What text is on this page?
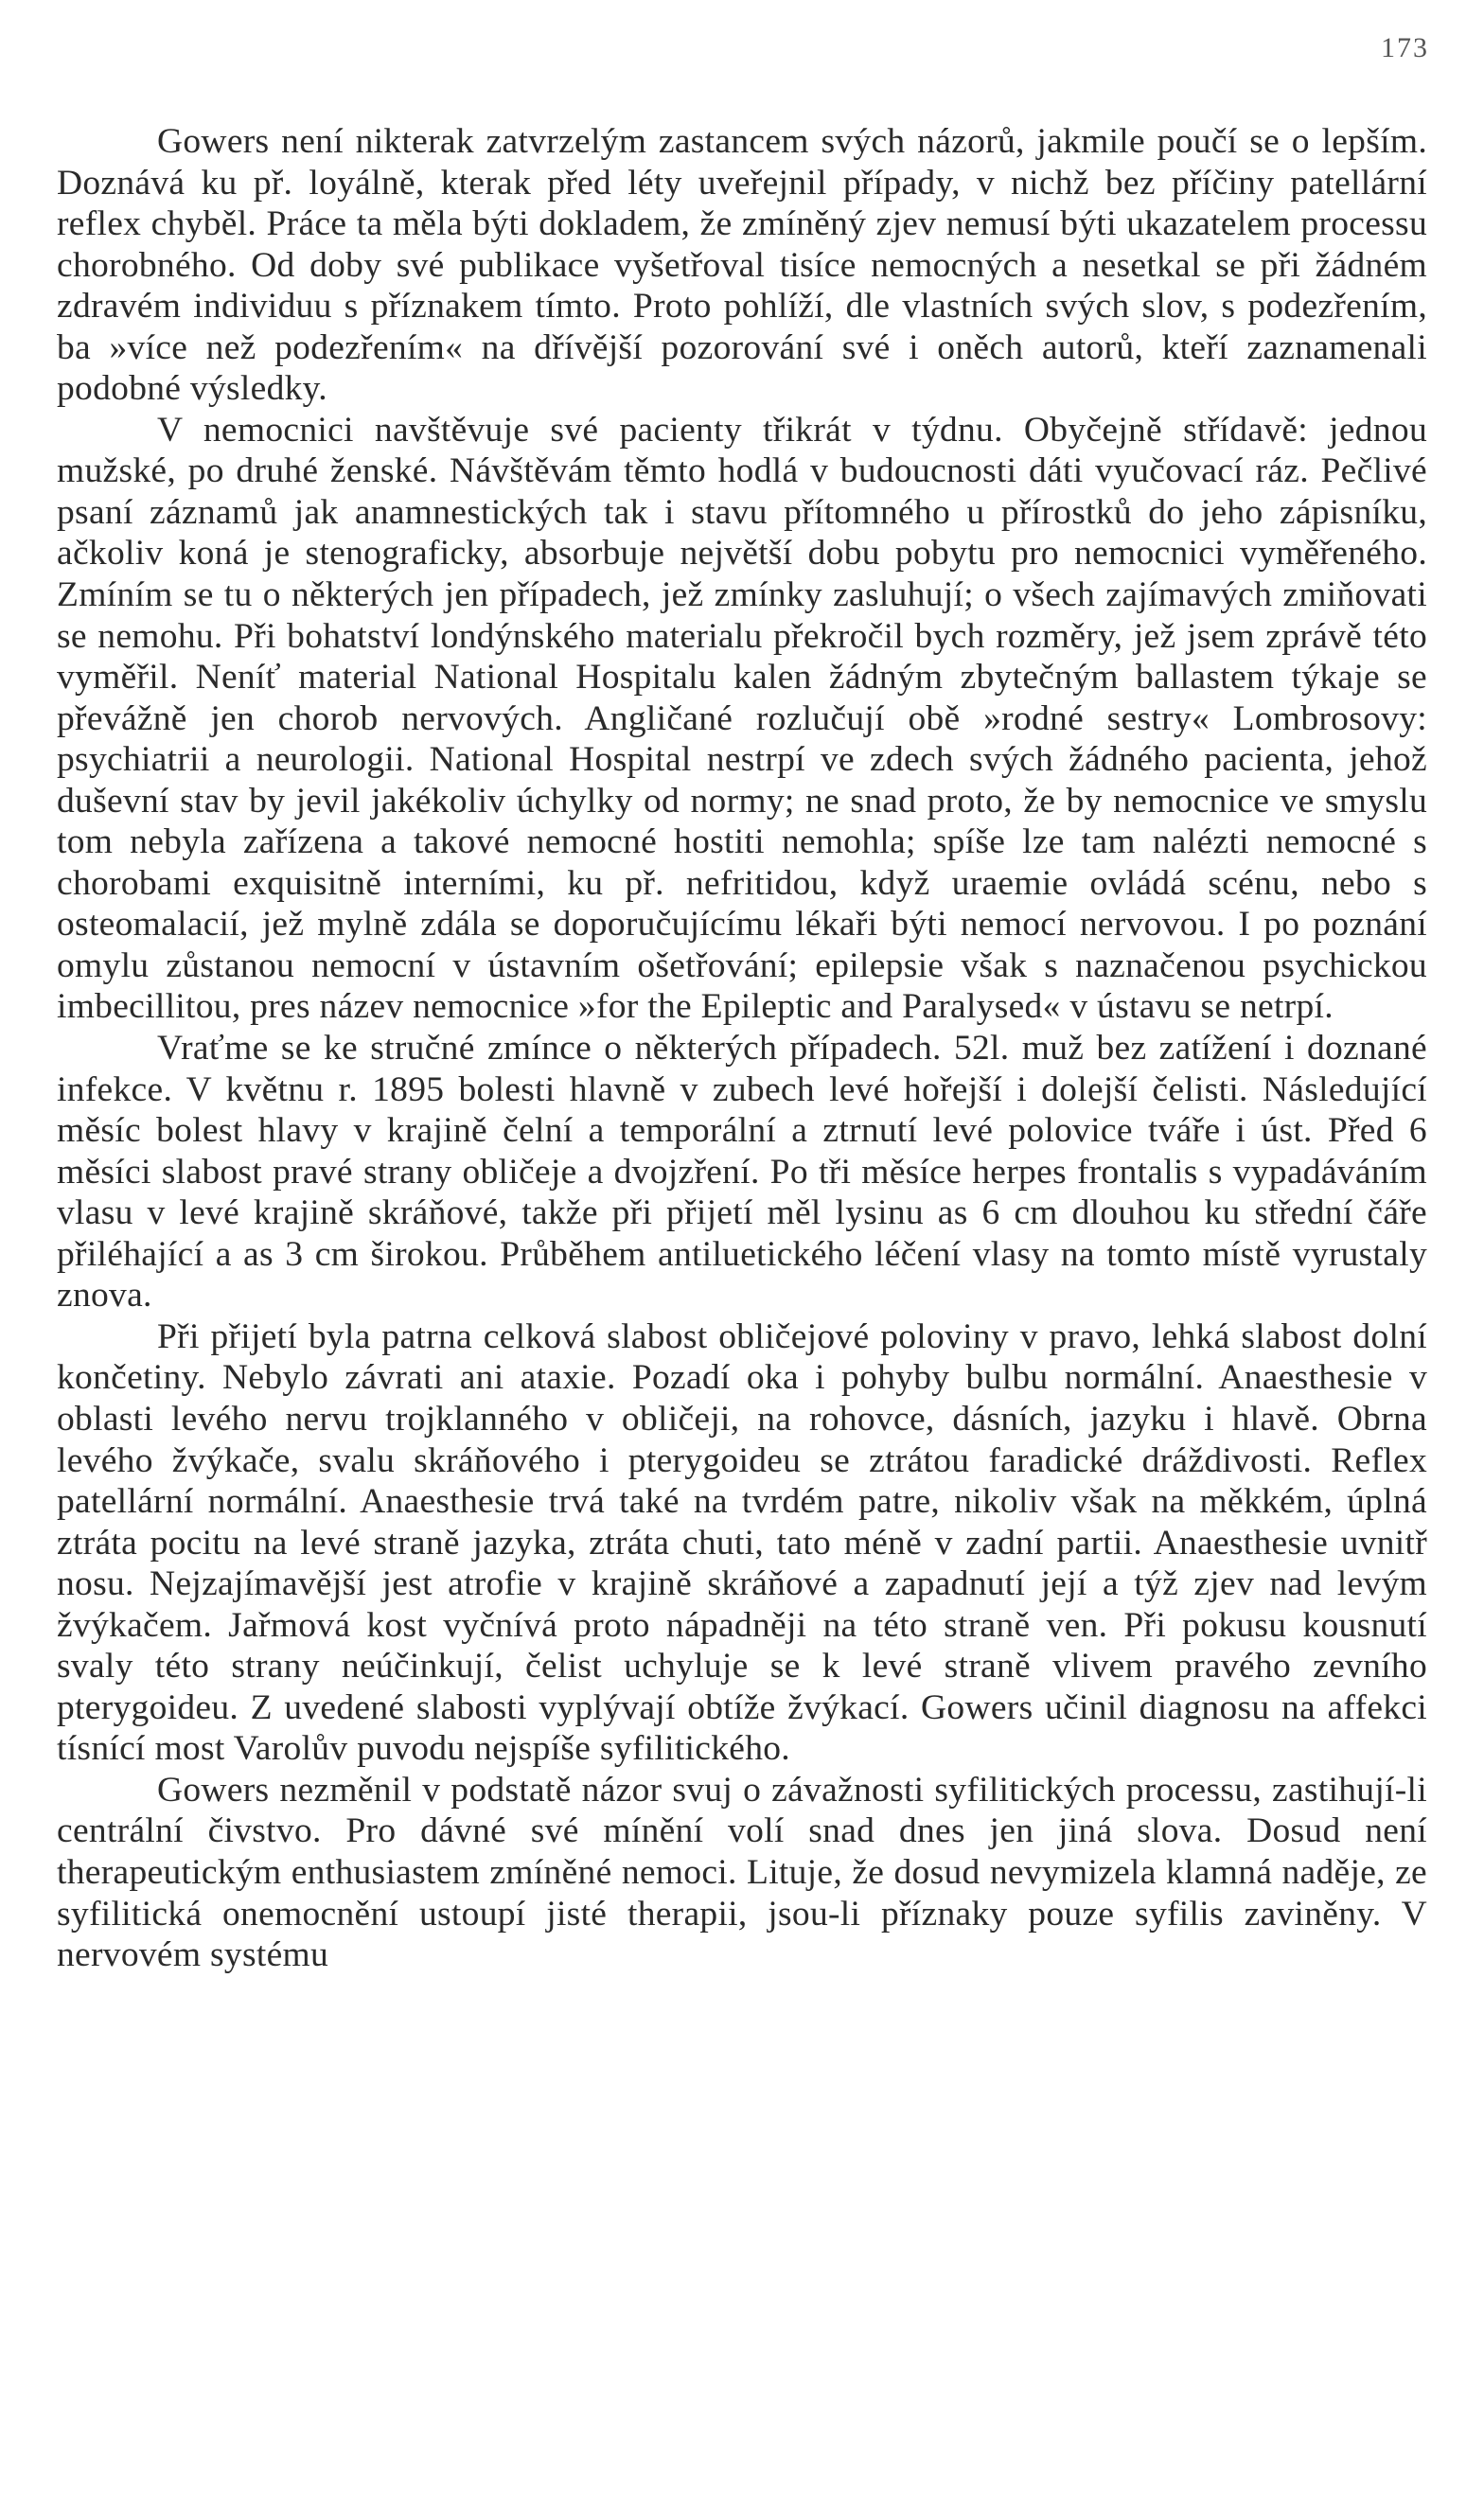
173

Gowers není nikterak zatvrzelým zastancem svých názorů, jakmile poučí se o lepším. Doznává ku př. loyálně, kterak před léty uveřejnil případy, v nichž bez příčiny patellární reflex chyběl. Práce ta měla býti dokladem, že zmíněný zjev nemusí býti ukazatelem processu chorobného. Od doby své publikace vyšetřoval tisíce nemocných a nesetkal se při žádném zdravém individuu s příznakem tímto. Proto pohlíží, dle vlastních svých slov, s podezřením, ba »více než podezřením« na dřívější pozorování své i oněch autorů, kteří zaznamenali podobné výsledky.

V nemocnici navštěvuje své pacienty třikrát v týdnu. Obyčejně střídavě: jednou mužské, po druhé ženské. Návštěvám těmto hodlá v budoucnosti dáti vyučovací ráz. Pečlivé psaní záznamů jak anamnestických tak i stavu přítomného u přírostků do jeho zápisníku, ačkoliv koná je stenograficky, absorbuje největší dobu pobytu pro nemocnici vyměřeného. Zmíním se tu o některých jen případech, jež zmínky zasluhují; o všech zajímavých zmiňovati se nemohu. Při bohatství londýnského materialu překročil bych rozměry, jež jsem zprávě této vyměřil. Neníť material National Hospitalu kalen žádným zbytečným ballastem týkaje se převážně jen chorob nervových. Angličané rozlučují obě »rodné sestry« Lombrosovy: psychiatrii a neurologii. National Hospital nestrpí ve zdech svých žádného pacienta, jehož duševní stav by jevil jakékoliv úchylky od normy; ne snad proto, že by nemocnice ve smyslu tom nebyla zařízena a takové nemocné hostiti nemohla; spíše lze tam nalézti nemocné s chorobami exquisitně interními, ku př. nefritidou, když uraemie ovládá scénu, nebo s osteomalacií, jež mylně zdála se doporučujícímu lékaři býti nemocí nervovou. I po poznání omylu zůstanou nemocní v ústavním ošetřování; epilepsie však s naznačenou psychickou imbecillitou, pres název nemocnice »for the Epileptic and Paralysed« v ústavu se netrpí.

Vraťme se ke stručné zmínce o některých případech. 52l. muž bez zatížení i doznané infekce. V květnu r. 1895 bolesti hlavně v zubech levé hořejší i dolejší čelisti. Následující měsíc bolest hlavy v krajině čelní a temporální a ztrnutí levé polovice tváře i úst. Před 6 měsíci slabost pravé strany obličeje a dvojzření. Po tři měsíce herpes frontalis s vypadáváním vlasu v levé krajině skráňové, takže při přijetí měl lysinu as 6 cm dlouhou ku střední čáře přiléhající a as 3 cm širokou. Průběhem antiluetického léčení vlasy na tomto místě vyrustaly znova.

Při přijetí byla patrna celková slabost obličejové poloviny v pravo, lehká slabost dolní končetiny. Nebylo závrati ani ataxie. Pozadí oka i pohyby bulbu normální. Anaesthesie v oblasti levého nervu trojklanného v obličeji, na rohovce, dásních, jazyku i hlavě. Obrna levého žvýkače, svalu skráňového i pterygoideu se ztrátou faradické dráždivosti. Reflex patellární normální. Anaesthesie trvá také na tvrdém patre, nikoliv však na měkkém, úplná ztráta pocitu na levé straně jazyka, ztráta chuti, tato méně v zadní partii. Anaesthesie uvnitř nosu. Nejzajímavější jest atrofie v krajině skráňové a zapadnutí její a týž zjev nad levým žvýkačem. Jařmová kost vyčnívá proto nápadněji na této straně ven. Při pokusu kousnutí svaly této strany neúčinkují, čelist uchyluje se k levé straně vlivem pravého zevního pterygoideu. Z uvedené slabosti vyplývají obtíže žvýkací. Gowers učinil diagnosu na affekci tísnící most Varolův puvodu nejspíše syfilitického.

Gowers nezměnil v podstatě názor svuj o závažnosti syfilitických processu, zastihují-li centrální čivstvo. Pro dávné své mínění volí snad dnes jen jiná slova. Dosud není therapeutickým enthusiastem zmíněné nemoci. Lituje, že dosud nevymizela klamná naděje, ze syfilitická onemocnění ustoupí jisté therapii, jsou-li příznaky pouze syfilis zaviněny. V nervovém systému
